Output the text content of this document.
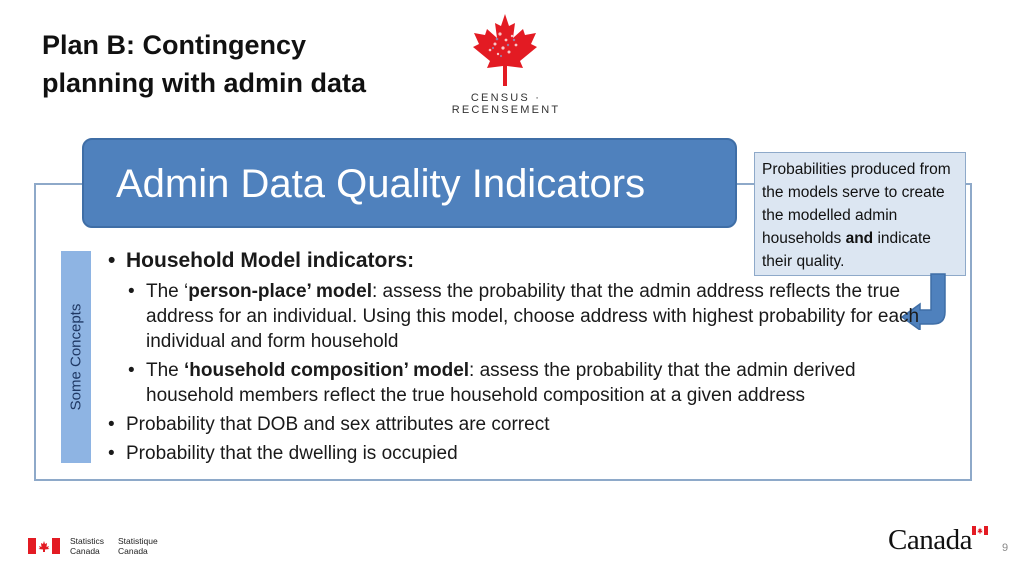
Plan B: Contingency
planning with admin data	CENSUS · RECENSEMENT
Admin Data Quality Indicators
Some Concepts
Probabilities produced from the models serve to create the modelled admin households and indicate their quality.

• Household Model indicators:

• The ‘person-place’ model: assess the probability that the admin address reflects the true address for an individual. Using this model, choose address with highest probability for each individual and form household

• The ‘household composition’ model: assess the probability that the admin derived household members reflect the true household composition at a given address

• Probability that DOB and sex attributes are correct

• Probability that the dwelling is occupied

Statistics
Canada
Statistique
Canada	Canada	9
